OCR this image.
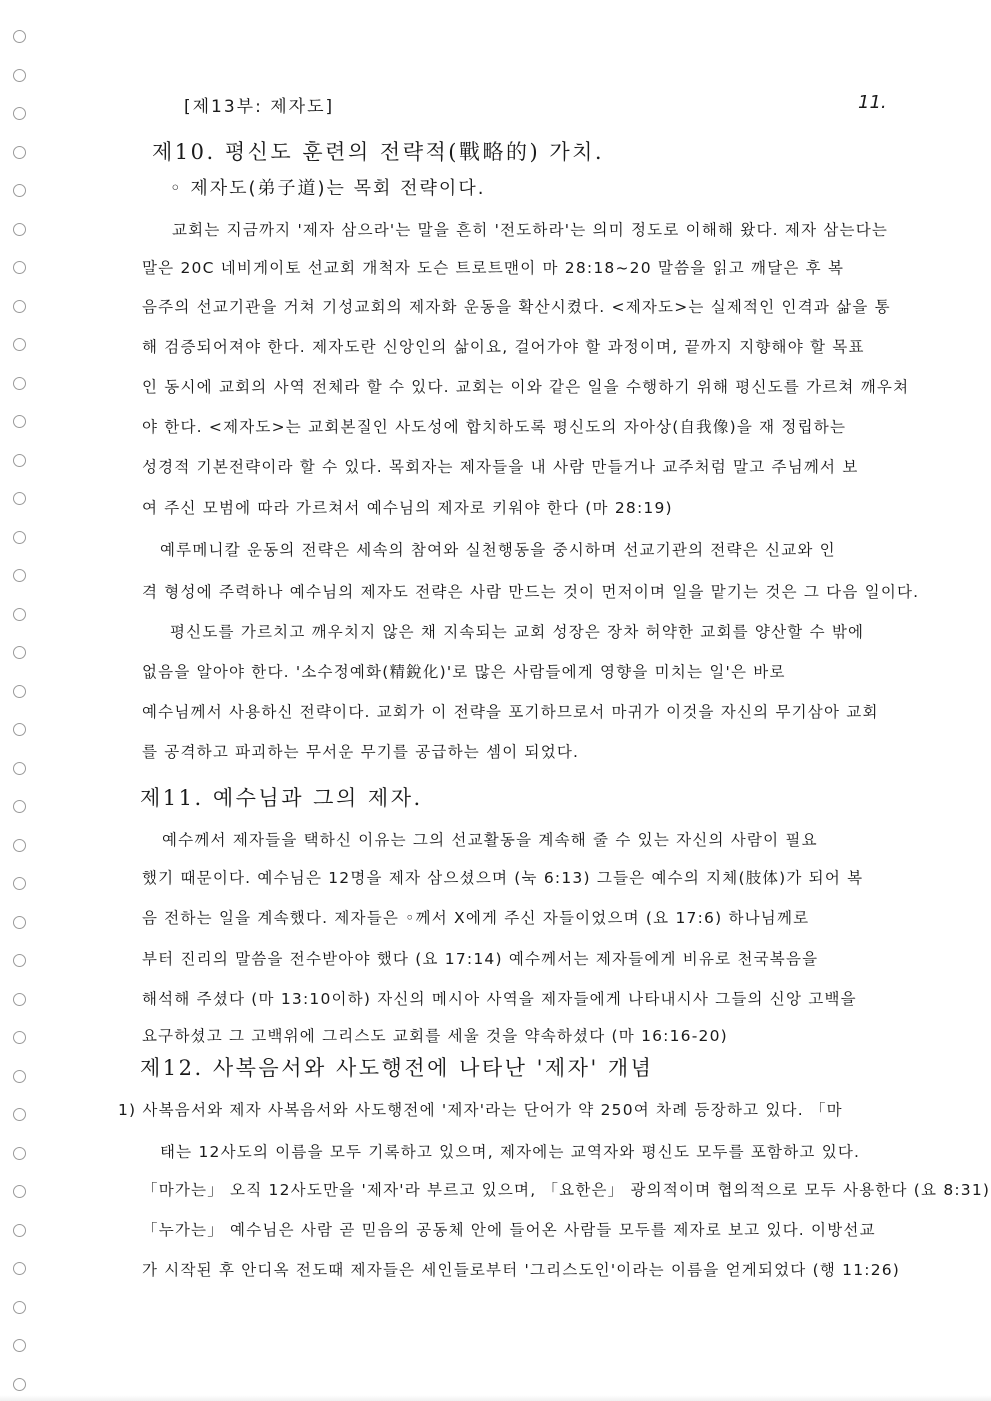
[제13부: 제자도]	11.
제10. 평신도 훈련의 전략적(戰略的) 가치.
◦ 제자도(弟子道)는 목회 전략이다.
교회는 지금까지 '제자 삼으라'는 말을 흔히 '전도하라'는 의미 정도로 이해해 왔다. 제자 삼는다는
말은 20C 네비게이토 선교회 개척자 도슨 트로트맨이 마 28:18~20 말씀을 읽고 깨달은 후 복
음주의 선교기관을 거쳐 기성교회의 제자화 운동을 확산시켰다. <제자도>는 실제적인 인격과 삶을 통
해 검증되어져야 한다. 제자도란 신앙인의 삶이요, 걸어가야 할 과정이며, 끝까지 지향해야 할 목표
인 동시에 교회의 사역 전체라 할 수 있다. 교회는 이와 같은 일을 수행하기 위해 평신도를 가르쳐 깨우쳐
야 한다. <제자도>는 교회본질인 사도성에 합치하도록 평신도의 자아상(自我像)을 재 정립하는
성경적 기본전략이라 할 수 있다. 목회자는 제자들을 내 사람 만들거나 교주처럼 말고 주님께서 보
여 주신 모범에 따라 가르쳐서 예수님의 제자로 키워야 한다 (마 28:19)
예루메니칼 운동의 전략은 세속의 참여와 실천행동을 중시하며 선교기관의 전략은 신교와 인
격 형성에 주력하나 예수님의 제자도 전략은 사람 만드는 것이 먼저이며 일을 맡기는 것은 그 다음 일이다.
평신도를 가르치고 깨우치지 않은 채 지속되는 교회 성장은 장차 허약한 교회를 양산할 수 밖에
없음을 알아야 한다. '소수정예화(精銳化)'로 많은 사람들에게 영향을 미치는 일'은 바로
예수님께서 사용하신 전략이다. 교회가 이 전략을 포기하므로서 마귀가 이것을 자신의 무기삼아 교회
를 공격하고 파괴하는 무서운 무기를 공급하는 셈이 되었다.
제11. 예수님과 그의 제자.
예수께서 제자들을 택하신 이유는 그의 선교활동을 계속해 줄 수 있는 자신의 사람이 필요
했기 때문이다. 예수님은 12명을 제자 삼으셨으며 (눅 6:13) 그들은 예수의 지체(肢体)가 되어 복
음 전하는 일을 계속했다. 제자들은 ◦께서 X에게 주신 자들이었으며 (요 17:6) 하나님께로
부터 진리의 말씀을 전수받아야 했다 (요 17:14) 예수께서는 제자들에게 비유로 천국복음을
해석해 주셨다 (마 13:10이하) 자신의 메시아 사역을 제자들에게 나타내시사 그들의 신앙 고백을
요구하셨고 그 고백위에 그리스도 교회를 세울 것을 약속하셨다 (마 16:16-20)
제12. 사복음서와 사도행전에 나타난 '제자' 개념
1) 사복음서와 제자 사복음서와 사도행전에 '제자'라는 단어가 약 250여 차례 등장하고 있다. 「마
태는 12사도의 이름을 모두 기록하고 있으며, 제자에는 교역자와 평신도 모두를 포함하고 있다.
「마가는」 오직 12사도만을 '제자'라 부르고 있으며, 「요한은」 광의적이며 협의적으로 모두 사용한다 (요 8:31)
「누가는」 예수님은 사람 곧 믿음의 공동체 안에 들어온 사람들 모두를 제자로 보고 있다. 이방선교
가 시작된 후 안디옥 전도때 제자들은 세인들로부터 '그리스도인'이라는 이름을 얻게되었다 (행 11:26)
